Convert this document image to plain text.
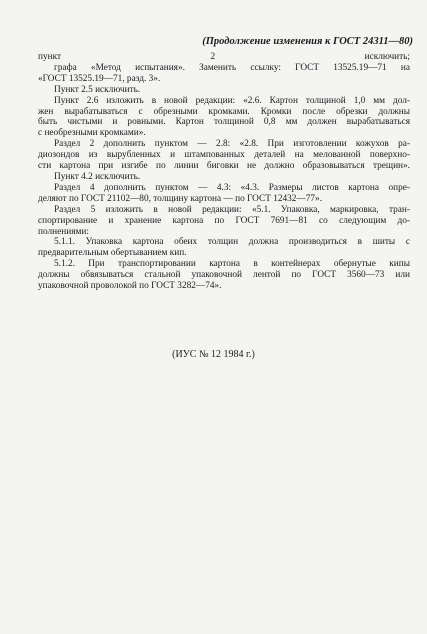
(Продолжение изменения к ГОСТ 24311—80)

пункт 2 исключить;

графа «Метод испытания». Заменить ссылку: ГОСТ 13525.19—71 на

«ГОСТ 13525.19—71, разд. 3».

Пункт 2.5 исключить.

Пункт 2.6 изложить в новой редакции: «2.6. Картон толщиной 1,0 мм дол-

жен вырабатываться с обрезными кромками. Кромки после обрезки должны

быть чистыми и ровными. Картон толщиной 0,8 мм должен вырабатываться

с необрезными кромками».

Раздел 2 дополнить пунктом — 2.8: «2.8. При изготовлении кожухов ра-

диозондов из вырубленных и штампованных деталей на мелованной поверхно-

сти картона при изгибе по линии биговки не должно образовываться трещин».

Пункт 4.2 исключить.

Раздел 4 дополнить пунктом — 4.3: «4.3. Размеры листов картона опре-

деляют по ГОСТ 21102—80, толщину картона — по ГОСТ 12432—77».

Раздел 5 изложить в новой редакции: «5.1. Упаковка, маркировка, тран-

спортирование и хранение картона по ГОСТ 7691—81 со следующим до-

полнениями:

5.1.1. Упаковка картона обеих толщин должна производиться в шиты с

предварительным обертыванием кип.

5.1.2. При транспортировании картона в контейнерах обернутые кипы

должны обвязываться стальной упаковочной лентой по ГОСТ 3560—73 или

упаковочной проволокой по ГОСТ 3282—74».

(ИУС № 12 1984 г.)
